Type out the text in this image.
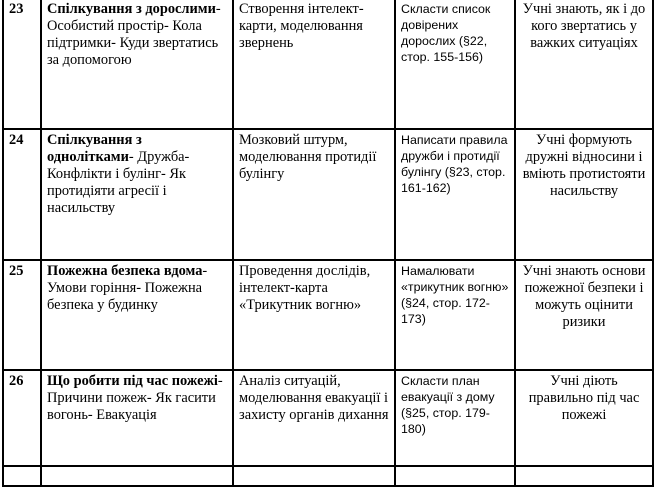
23	Спілкування з дорослими- Особистий простір- Кола підтримки- Куди звертатись за допомогою	Створення інтелект-карти, моделювання звернень	Скласти список довірених дорослих (§22, стор. 155-156)	Учні знають, як і до кого звертатись у важких ситуаціях
24	Спілкування з однолітками- Дружба- Конфлікти і булінг- Як протидіяти агресії і насильству	Мозковий штурм, моделювання протидії булінгу	Написати правила дружби і протидії булінгу (§23, стор. 161-162)	Учні формують дружні відносини і вміють протистояти насильству
25	Пожежна безпека вдома- Умови горіння- Пожежна безпека у будинку	Проведення дослідів, інтелект-карта «Трикутник вогню»	Намалювати «трикутник вогню» (§24, стор. 172-173)	Учні знають основи пожежної безпеки і можуть оцінити ризики
26	Що робити під час пожежі- Причини пожеж- Як гасити вогонь- Евакуація	Аналіз ситуацій, моделювання евакуації і захисту органів дихання	Скласти план евакуації з дому (§25, стор. 179-180)	Учні діють правильно під час пожежі
